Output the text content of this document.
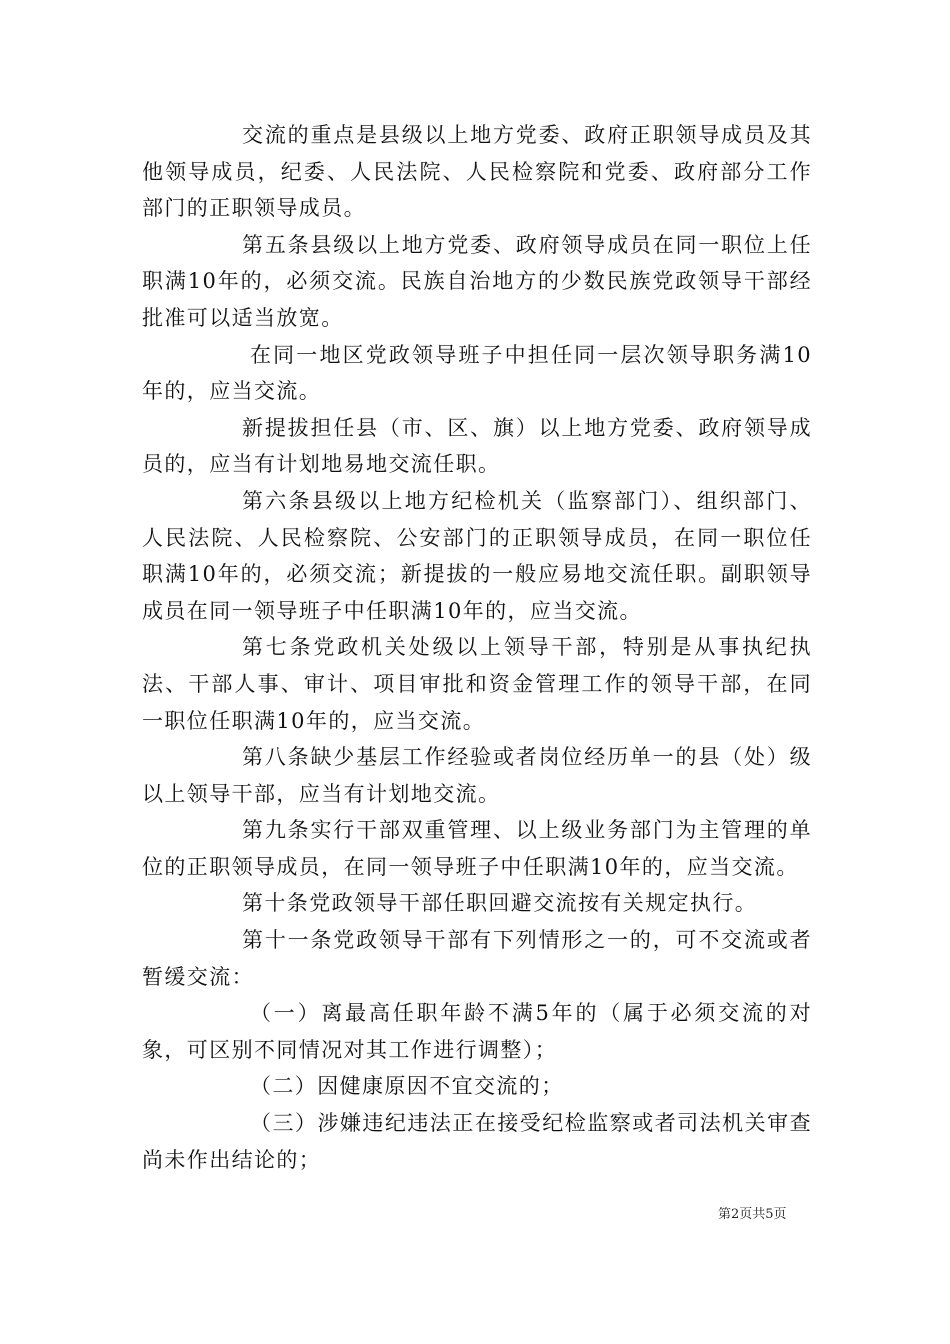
交流的重点是县级以上地方党委、政府正职领导成员及其他领导成员，纪委、人民法院、人民检察院和党委、政府部分工作部门的正职领导成员。

第五条县级以上地方党委、政府领导成员在同一职位上任职满10年的，必须交流。民族自治地方的少数民族党政领导干部经批准可以适当放宽。

在同一地区党政领导班子中担任同一层次领导职务满10年的，应当交流。

新提拔担任县（市、区、旗）以上地方党委、政府领导成员的，应当有计划地易地交流任职。

第六条县级以上地方纪检机关（监察部门）、组织部门、人民法院、人民检察院、公安部门的正职领导成员，在同一职位任职满10年的，必须交流；新提拔的一般应易地交流任职。副职领导成员在同一领导班子中任职满10年的，应当交流。

第七条党政机关处级以上领导干部，特别是从事执纪执法、干部人事、审计、项目审批和资金管理工作的领导干部，在同一职位任职满10年的，应当交流。

第八条缺少基层工作经验或者岗位经历单一的县（处）级以上领导干部，应当有计划地交流。

第九条实行干部双重管理、以上级业务部门为主管理的单位的正职领导成员，在同一领导班子中任职满10年的，应当交流。

第十条党政领导干部任职回避交流按有关规定执行。

第十一条党政领导干部有下列情形之一的，可不交流或者暂缓交流：

（一）离最高任职年龄不满5年的（属于必须交流的对象，可区别不同情况对其工作进行调整）；

（二）因健康原因不宜交流的；

（三）涉嫌违纪违法正在接受纪检监察或者司法机关审查尚未作出结论的；

第2页共5页
